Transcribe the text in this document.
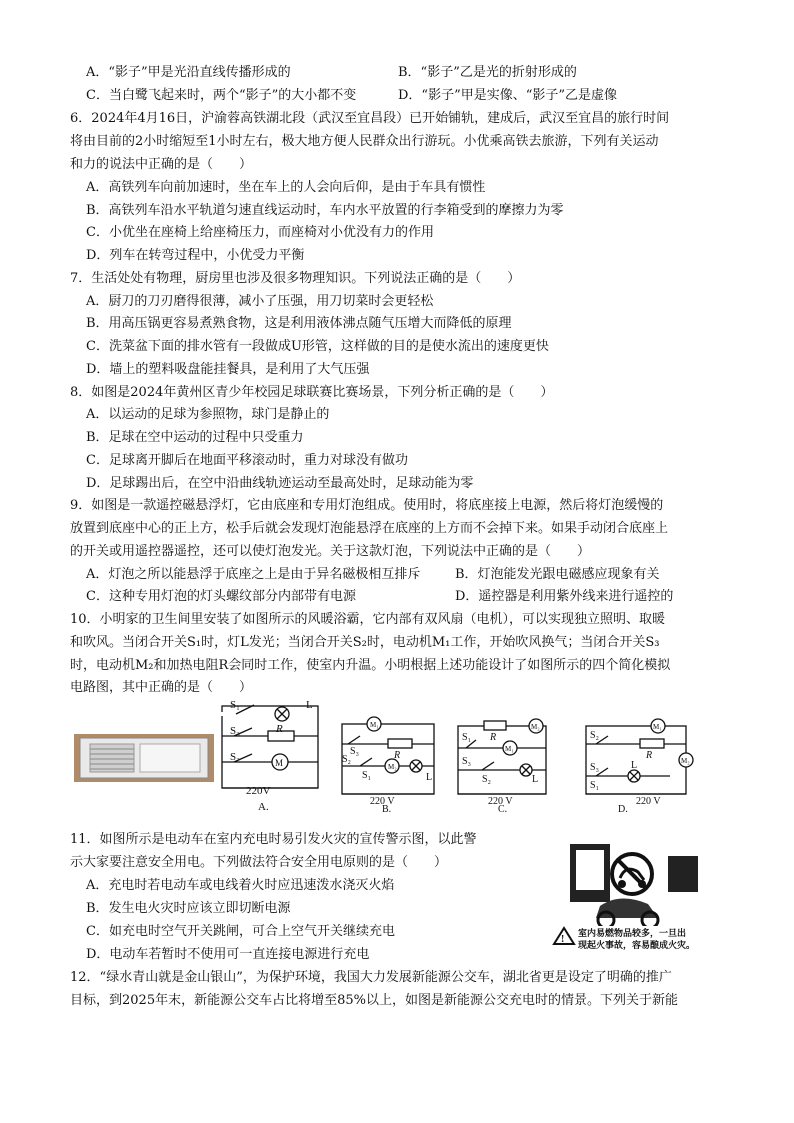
A．“影子”甲是光沿直线传播形成的	B．“影子”乙是光的折射形成的
C．当白鹭飞起来时，两个“影子”的大小都不变	D．“影子”甲是实像、“影子”乙是虚像
6．2024年4月16日，沪渝蓉高铁湖北段（武汉至宜昌段）已开始铺轨，建成后，武汉至宜昌的旅行时间
将由目前的2小时缩短至1小时左右，极大地方便人民群众出行游玩。小优乘高铁去旅游，下列有关运动
和力的说法中正确的是（　　）
A．高铁列车向前加速时，坐在车上的人会向后仰，是由于车具有惯性
B．高铁列车沿水平轨道匀速直线运动时，车内水平放置的行李箱受到的摩擦力为零
C．小优坐在座椅上给座椅压力，而座椅对小优没有力的作用
D．列车在转弯过程中，小优受力平衡
7．生活处处有物理，厨房里也涉及很多物理知识。下列说法正确的是（　　）
A．厨刀的刀刃磨得很薄，减小了压强，用刀切菜时会更轻松
B．用高压锅更容易煮熟食物，这是利用液体沸点随气压增大而降低的原理
C．洗菜盆下面的排水管有一段做成U形管，这样做的目的是使水流出的速度更快
D．墙上的塑料吸盘能挂餐具，是利用了大气压强
8．如图是2024年黄州区青少年校园足球联赛比赛场景，下列分析正确的是（　　）
A．以运动的足球为参照物，球门是静止的
B．足球在空中运动的过程中只受重力
C．足球离开脚后在地面平移滚动时，重力对球没有做功
D．足球踢出后，在空中沿曲线轨迹运动至最高处时，足球动能为零
9．如图是一款遥控磁悬浮灯，它由底座和专用灯泡组成。使用时，将底座接上电源，然后将灯泡缓慢的
放置到底座中心的正上方，松手后就会发现灯泡能悬浮在底座的上方而不会掉下来。如果手动闭合底座上
的开关或用遥控器遥控，还可以使灯泡发光。关于这款灯泡，下列说法中正确的是（　　）
A．灯泡之所以能悬浮于底座之上是由于异名磁极相互排斥	B．灯泡能发光跟电磁感应现象有关
C．这种专用灯泡的灯头螺纹部分内部带有电源	D．遥控器是利用紫外线来进行遥控的
10．小明家的卫生间里安装了如图所示的风暖浴霸，它内部有双风扇（电机），可以实现独立照明、取暖
和吹风。当闭合开关S₁时，灯L发光；当闭合开关S₂时，电动机M₁工作，开始吹风换气；当闭合开关S₃
时，电动机M₂和加热电阻R会同时工作，使室内升温。小明根据上述功能设计了如图所示的四个简化模拟
电路图，其中正确的是（　　）
S₁	L
S₃	R
S₂	M
220V
A.
M₁
S₃	R
S₂
S₁
M₂
L
220 V
B.
S₁ R
M₂
S₃
M₁
S₂	L
220 V
C.
M₁
S₂
R	M₂
S₃
S₁
L
220 V
D.
11．如图所示是电动车在室内充电时易引发火灾的宣传警示图，以此警
示大家要注意安全用电。下列做法符合安全用电原则的是（　　）
A．充电时若电动车或电线着火时应迅速泼水浇灭火焰
B．发生电火灾时应该立即切断电源
C．如充电时空气开关跳闸，可合上空气开关继续充电
D．电动车若暂时不使用可一直连接电源进行充电
!
室内易燃物品较多，一旦出
现起火事故，容易酿成火灾。
12．“绿水青山就是金山银山”，为保护环境，我国大力发展新能源公交车，湖北省更是设定了明确的推广
目标，到2025年末，新能源公交车占比将增至85%以上，如图是新能源公交充电时的情景。下列关于新能
